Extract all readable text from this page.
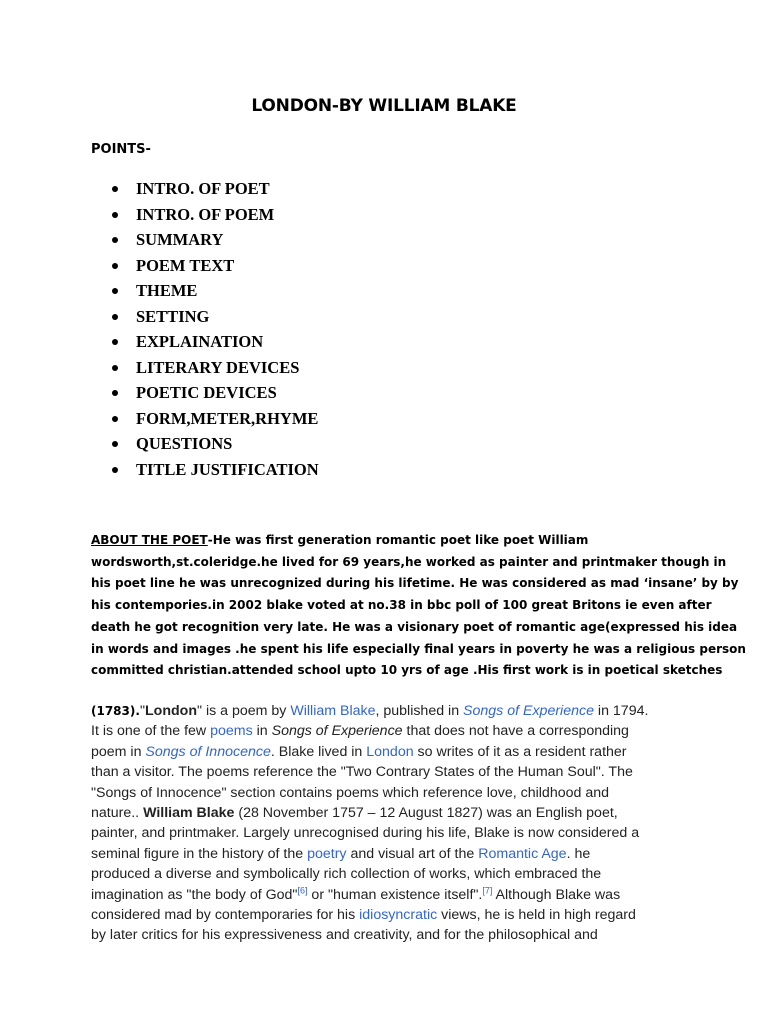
LONDON-BY WILLIAM BLAKE
POINTS-
INTRO. OF POET
INTRO. OF POEM
SUMMARY
POEM TEXT
THEME
SETTING
EXPLAINATION
LITERARY DEVICES
POETIC DEVICES
FORM,METER,RHYME
QUESTIONS
TITLE JUSTIFICATION
ABOUT THE POET-He was first generation romantic poet like poet William
wordsworth,st.coleridge.he lived for 69 years,he worked as painter and printmaker though in
his poet line he was unrecognized during his lifetime. He was considered as mad ‘insane’ by by
his contempories.in 2002 blake voted at no.38 in bbc poll of 100 great Britons ie even after
death he got recognition very late. He was a visionary poet of romantic age(expressed his idea
in words and images .he spent his life especially final years in poverty he was a religious person
committed christian.attended school upto 10 yrs of age .His first work is in poetical sketches
(1783)."London" is a poem by William Blake, published in Songs of Experience in 1794.
It is one of the few poems in Songs of Experience that does not have a corresponding
poem in Songs of Innocence. Blake lived in London so writes of it as a resident rather
than a visitor. The poems reference the "Two Contrary States of the Human Soul". The
"Songs of Innocence" section contains poems which reference love, childhood and
nature.. William Blake (28 November 1757 – 12 August 1827) was an English poet,
painter, and printmaker. Largely unrecognised during his life, Blake is now considered a
seminal figure in the history of the poetry and visual art of the Romantic Age. he
produced a diverse and symbolically rich collection of works, which embraced the
imagination as "the body of God"[6] or "human existence itself".[7] Although Blake was
considered mad by contemporaries for his idiosyncratic views, he is held in high regard
by later critics for his expressiveness and creativity, and for the philosophical and
